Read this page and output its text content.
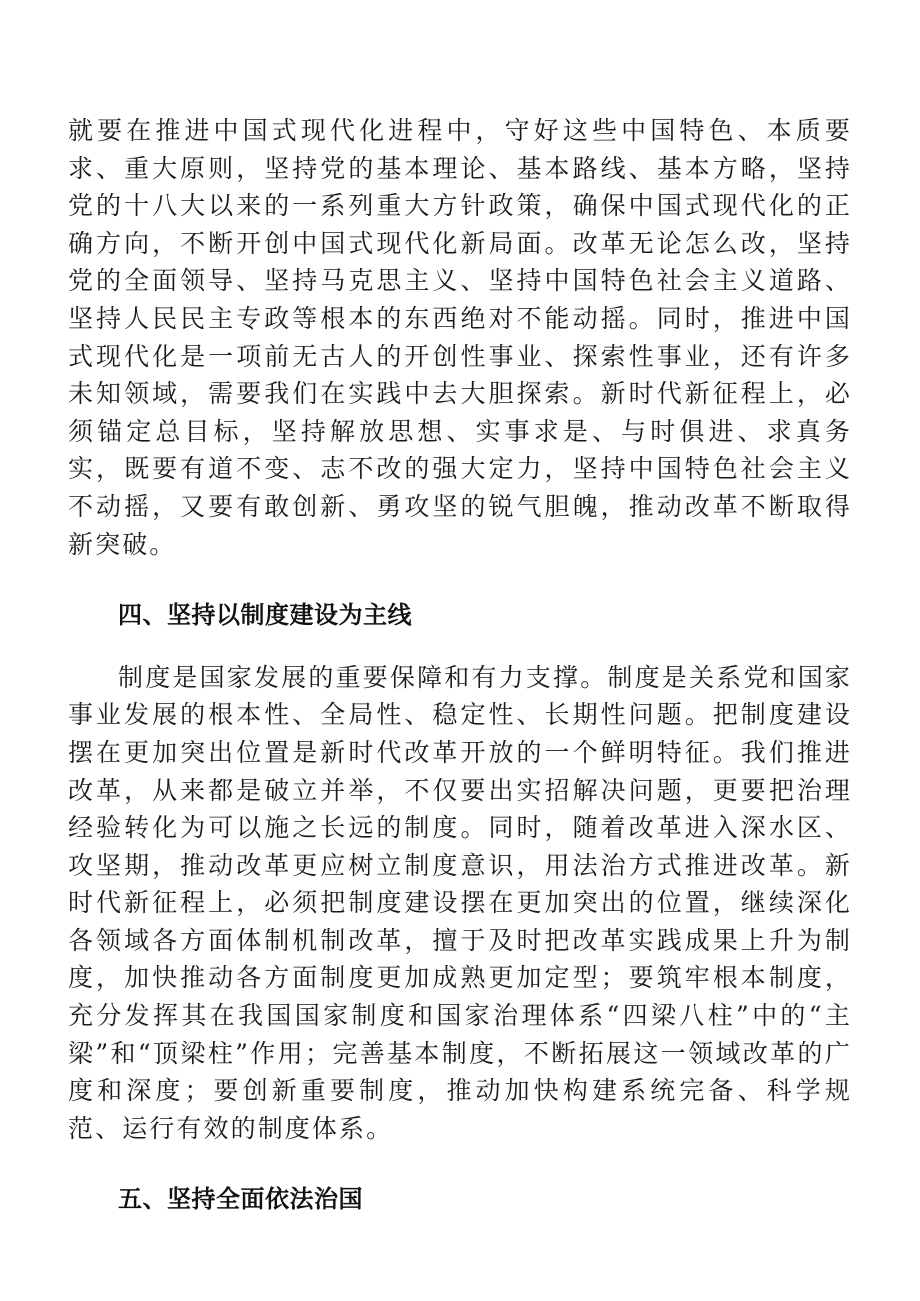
就要在推进中国式现代化进程中，守好这些中国特色、本质要求、重大原则，坚持党的基本理论、基本路线、基本方略，坚持党的十八大以来的一系列重大方针政策，确保中国式现代化的正确方向，不断开创中国式现代化新局面。改革无论怎么改，坚持党的全面领导、坚持马克思主义、坚持中国特色社会主义道路、坚持人民民主专政等根本的东西绝对不能动摇。同时，推进中国式现代化是一项前无古人的开创性事业、探索性事业，还有许多未知领域，需要我们在实践中去大胆探索。新时代新征程上，必须锚定总目标，坚持解放思想、实事求是、与时俱进、求真务实，既要有道不变、志不改的强大定力，坚持中国特色社会主义不动摇，又要有敢创新、勇攻坚的锐气胆魄，推动改革不断取得新突破。

四、坚持以制度建设为主线

制度是国家发展的重要保障和有力支撑。制度是关系党和国家事业发展的根本性、全局性、稳定性、长期性问题。把制度建设摆在更加突出位置是新时代改革开放的一个鲜明特征。我们推进改革，从来都是破立并举，不仅要出实招解决问题，更要把治理经验转化为可以施之长远的制度。同时，随着改革进入深水区、攻坚期，推动改革更应树立制度意识，用法治方式推进改革。新时代新征程上，必须把制度建设摆在更加突出的位置，继续深化各领域各方面体制机制改革，擅于及时把改革实践成果上升为制度，加快推动各方面制度更加成熟更加定型；要筑牢根本制度，充分发挥其在我国国家制度和国家治理体系“四梁八柱”中的“主梁”和“顶梁柱”作用；完善基本制度，不断拓展这一领域改革的广度和深度；要创新重要制度，推动加快构建系统完备、科学规范、运行有效的制度体系。

五、坚持全面依法治国
